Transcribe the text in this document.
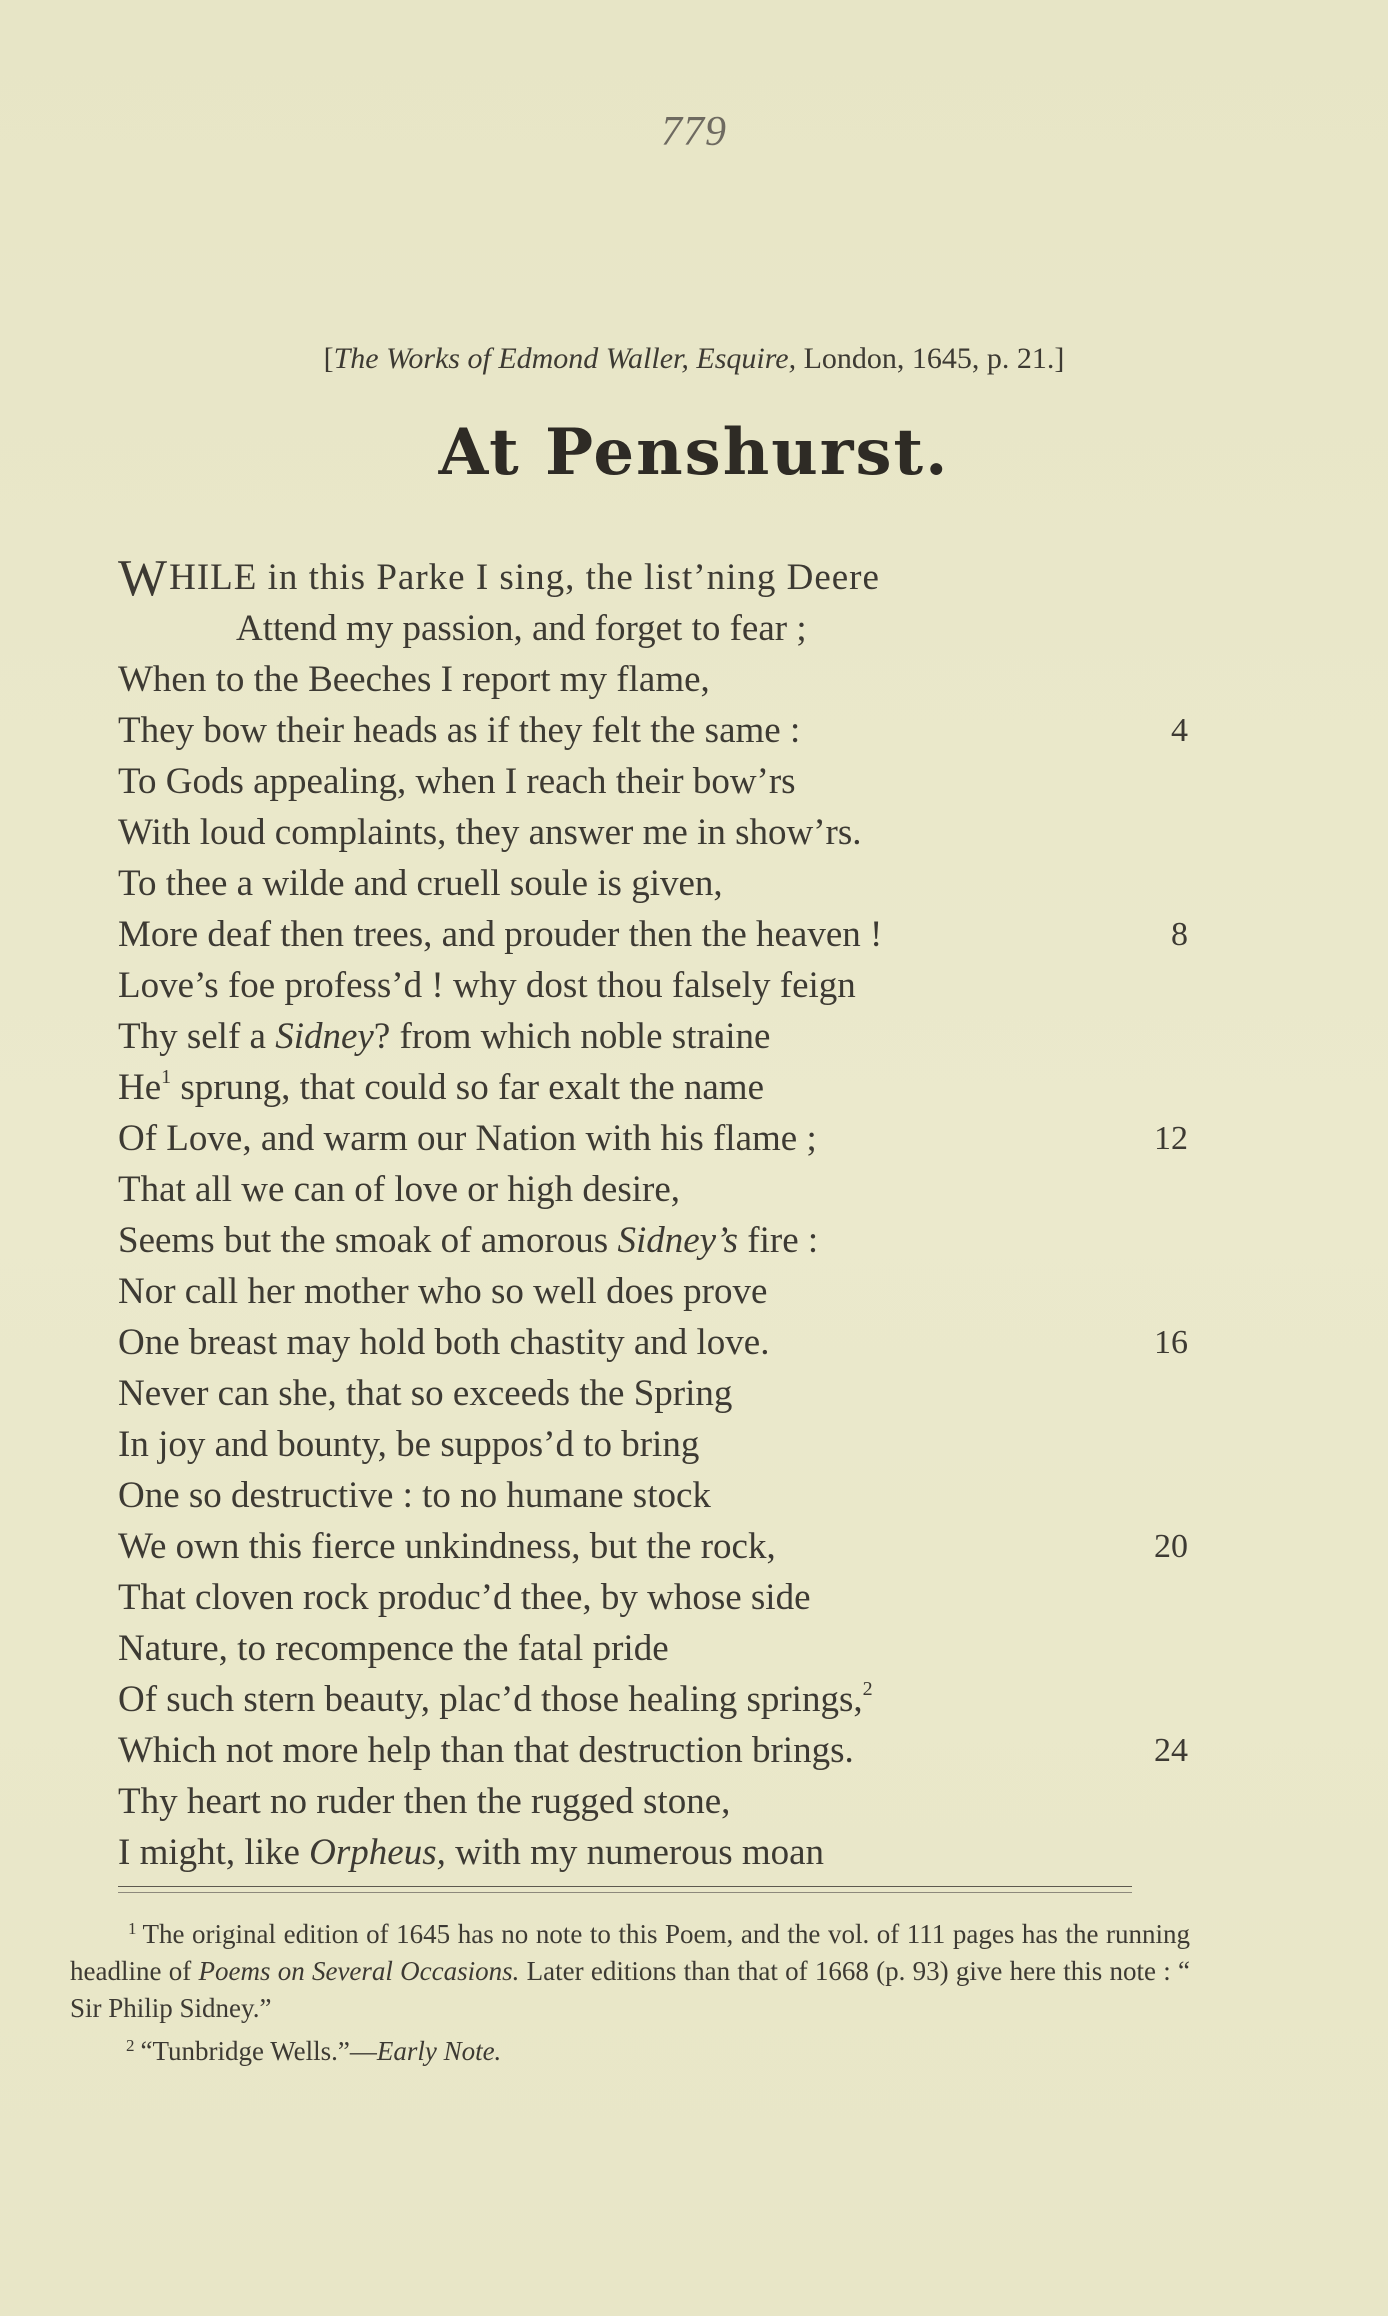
779
[The Works of Edmond Waller, Esquire, London, 1645, p. 21.]
At Penshurst.
WHILE in this Parke I sing, the list’ning Deere
Attend my passion, and forget to fear ;
When to the Beeches I report my flame,
They bow their heads as if they felt the same :	4
To Gods appealing, when I reach their bow’rs
With loud complaints, they answer me in show’rs.
To thee a wilde and cruell soule is given,
More deaf then trees, and prouder then the heaven !	8
Love’s foe profess’d ! why dost thou falsely feign
Thy self a Sidney? from which noble straine
He$^1$ sprung, that could so far exalt the name
Of Love, and warm our Nation with his flame ;	12
That all we can of love or high desire,
Seems but the smoak of amorous Sidney’s fire :
Nor call her mother who so well does prove
One breast may hold both chastity and love.	16
Never can she, that so exceeds the Spring
In joy and bounty, be suppos’d to bring
One so destructive : to no humane stock
We own this fierce unkindness, but the rock,	20
That cloven rock produc’d thee, by whose side
Nature, to recompence the fatal pride
Of such stern beauty, plac’d those healing springs,$^2$
Which not more help than that destruction brings.	24
Thy heart no ruder then the rugged stone,
I might, like Orpheus, with my numerous moan
$^1$ The original edition of 1645 has no note to this Poem, and the vol. of 111 pages has the running headline of Poems on Several Occasions. Later editions than that of 1668 (p. 93) give here this note : “ Sir Philip Sidney.”
$^2$ “Tunbridge Wells.”—Early Note.
